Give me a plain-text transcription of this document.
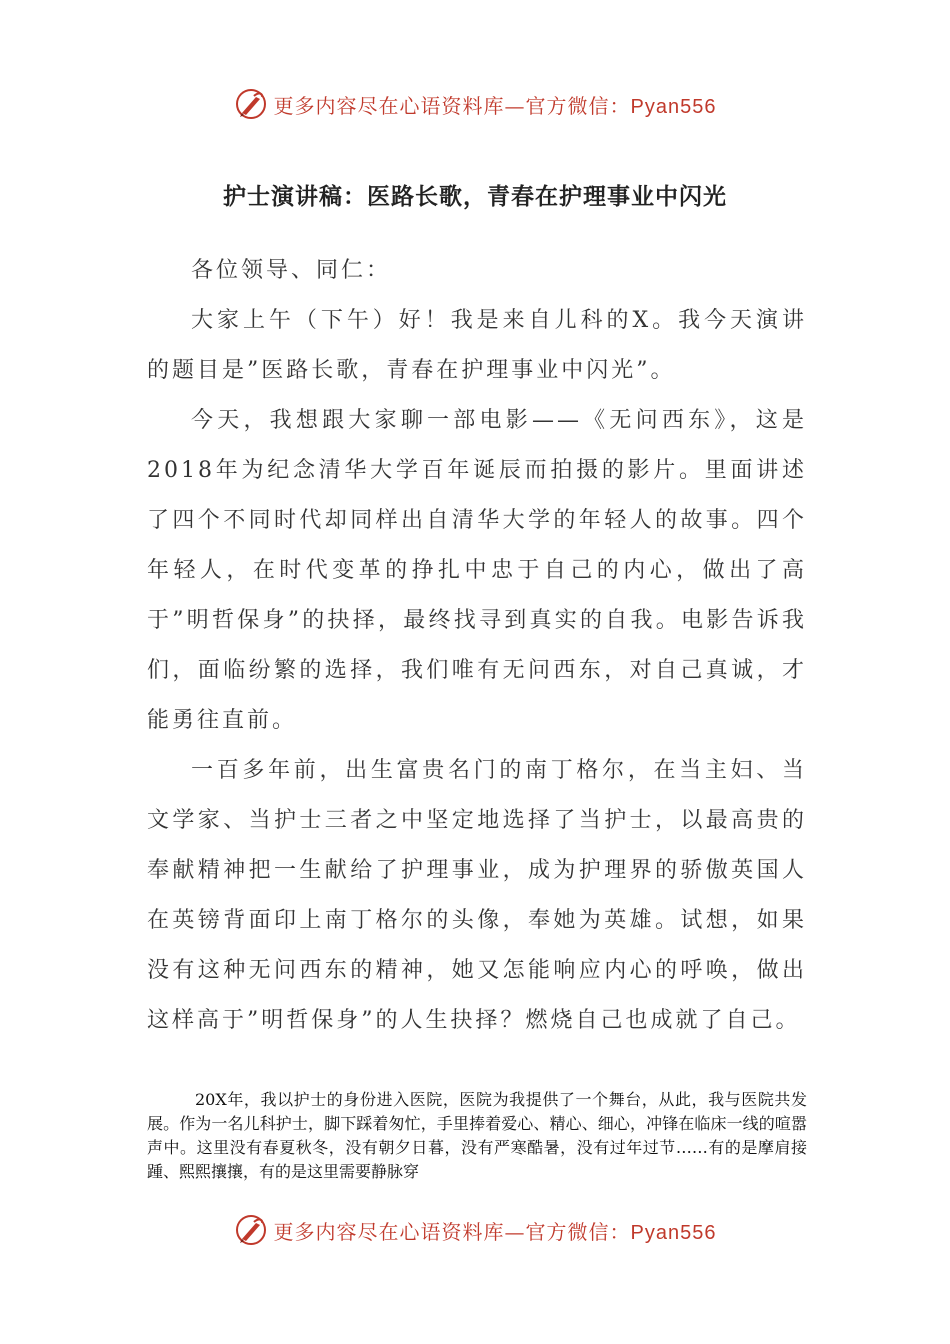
更多内容尽在心语资料库—官方微信：Pyan556
护士演讲稿：医路长歌，青春在护理事业中闪光

各位领导、同仁：

大家上午（下午）好！我是来自儿科的X。我今天演讲的题目是”医路长歌，青春在护理事业中闪光”。

今天，我想跟大家聊一部电影——《无问西东》，这是2018年为纪念清华大学百年诞辰而拍摄的影片。里面讲述了四个不同时代却同样出自清华大学的年轻人的故事。四个年轻人，在时代变革的挣扎中忠于自己的内心，做出了高于”明哲保身”的抉择，最终找寻到真实的自我。电影告诉我们，面临纷繁的选择，我们唯有无问西东，对自己真诚，才能勇往直前。

一百多年前，出生富贵名门的南丁格尔，在当主妇、当文学家、当护士三者之中坚定地选择了当护士，以最高贵的奉献精神把一生献给了护理事业，成为护理界的骄傲英国人在英镑背面印上南丁格尔的头像，奉她为英雄。试想，如果没有这种无问西东的精神，她又怎能响应内心的呼唤，做出这样高于”明哲保身”的人生抉择？燃烧自己也成就了自己。

20X年，我以护士的身份进入医院，医院为我提供了一个舞台，从此，我与医院共发展。作为一名儿科护士，脚下踩着匆忙，手里捧着爱心、精心、细心，冲锋在临床一线的喧嚣声中。这里没有春夏秋冬，没有朝夕日暮，没有严寒酷暑，没有过年过节……有的是摩肩接踵、熙熙攘攘，有的是这里需要静脉穿

更多内容尽在心语资料库—官方微信：Pyan556
